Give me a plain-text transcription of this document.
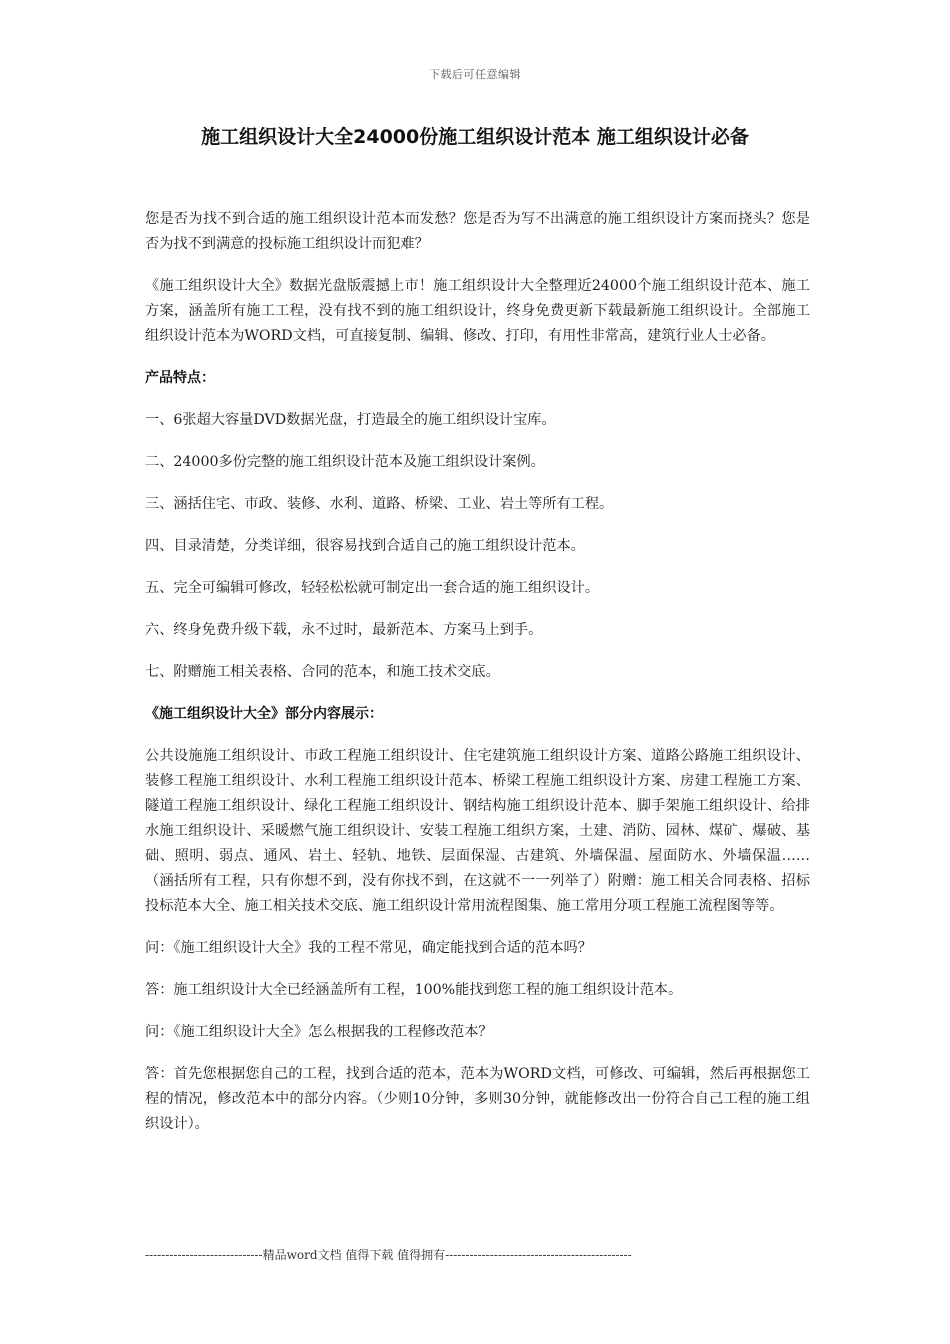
下载后可任意编辑
施工组织设计大全24000份施工组织设计范本 施工组织设计必备

您是否为找不到合适的施工组织设计范本而发愁？您是否为写不出满意的施工组织设计方案而挠头？您是否为找不到满意的投标施工组织设计而犯难？

《施工组织设计大全》数据光盘版震撼上市！施工组织设计大全整理近24000个施工组织设计范本、施工方案，涵盖所有施工工程，没有找不到的施工组织设计，终身免费更新下载最新施工组织设计。全部施工组织设计范本为WORD文档，可直接复制、编辑、修改、打印，有用性非常高，建筑行业人士必备。

产品特点：

一、6张超大容量DVD数据光盘，打造最全的施工组织设计宝库。

二、24000多份完整的施工组织设计范本及施工组织设计案例。

三、涵括住宅、市政、装修、水利、道路、桥梁、工业、岩土等所有工程。

四、目录清楚，分类详细，很容易找到合适自己的施工组织设计范本。

五、完全可编辑可修改，轻轻松松就可制定出一套合适的施工组织设计。

六、终身免费升级下载，永不过时，最新范本、方案马上到手。

七、附赠施工相关表格、合同的范本，和施工技术交底。

《施工组织设计大全》部分内容展示：

公共设施施工组织设计、市政工程施工组织设计、住宅建筑施工组织设计方案、道路公路施工组织设计、装修工程施工组织设计、水利工程施工组织设计范本、桥梁工程施工组织设计方案、房建工程施工方案、隧道工程施工组织设计、绿化工程施工组织设计、钢结构施工组织设计范本、脚手架施工组织设计、给排水施工组织设计、采暖燃气施工组织设计、安装工程施工组织方案，土建、消防、园林、煤矿、爆破、基础、照明、弱点、通风、岩土、轻轨、地铁、层面保湿、古建筑、外墙保温、屋面防水、外墙保温……（涵括所有工程，只有你想不到，没有你找不到，在这就不一一列举了）附赠：施工相关合同表格、招标投标范本大全、施工相关技术交底、施工组织设计常用流程图集、施工常用分项工程施工流程图等等。

问：《施工组织设计大全》我的工程不常见，确定能找到合适的范本吗？

答：施工组织设计大全已经涵盖所有工程，100%能找到您工程的施工组织设计范本。

问：《施工组织设计大全》怎么根据我的工程修改范本？

答：首先您根据您自己的工程，找到合适的范本，范本为WORD文档，可修改、可编辑，然后再根据您工程的情况，修改范本中的部分内容。（少则10分钟，多则30分钟，就能修改出一份符合自己工程的施工组织设计）。

-----------------------------精品word文档 值得下载 值得拥有----------------------------------------------
